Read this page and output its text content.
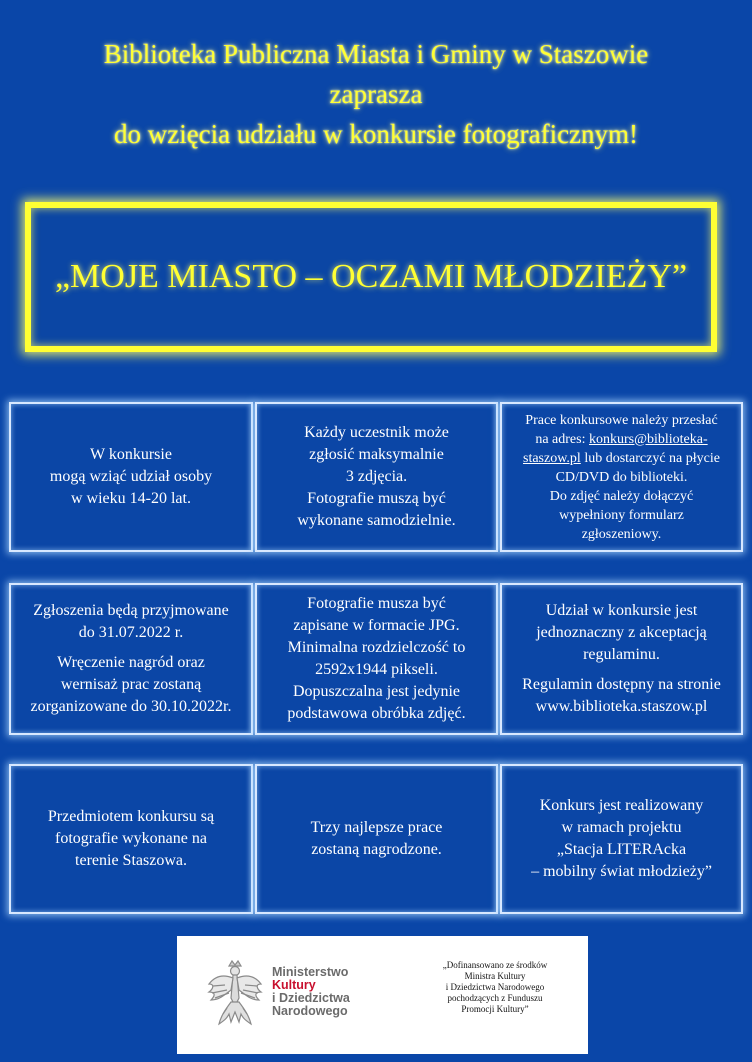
Biblioteka Publiczna Miasta i Gminy w Staszowie
zaprasza
do wzięcia udziału w konkursie fotograficznym!
„MOJE MIASTO – OCZAMI MŁODZIEŻY”
W konkursie
mogą wziąć udział osoby
w wieku 14-20 lat.
Każdy uczestnik może
zgłosić maksymalnie
3 zdjęcia.
Fotografie muszą być
wykonane samodzielnie.
Prace konkursowe należy przesłać
na adres: konkurs@biblioteka-
staszow.pl lub dostarczyć na płycie
CD/DVD do biblioteki.
Do zdjęć należy dołączyć
wypełniony formularz
zgłoszeniowy.
Zgłoszenia będą przyjmowane
do 31.07.2022 r.
Wręczenie nagród oraz
wernisaż prac zostaną
zorganizowane do 30.10.2022r.
Fotografie musza być
zapisane w formacie JPG.
Minimalna rozdzielczość to
2592x1944 pikseli.
Dopuszczalna jest jedynie
podstawowa obróbka zdjęć.
Udział w konkursie jest
jednoznaczny z akceptacją
regulaminu.
Regulamin dostępny na stronie
www.biblioteka.staszow.pl
Przedmiotem konkursu są
fotografie wykonane na
terenie Staszowa.
Trzy najlepsze prace
zostaną nagrodzone.
Konkurs jest realizowany
w ramach projektu
„Stacja LITERAcka
– mobilny świat młodzieży”
Ministerstwo
Kultury
i Dziedzictwa
Narodowego
„Dofinansowano ze środków
Ministra Kultury
i Dziedzictwa Narodowego
pochodzących z Funduszu
Promocji Kultury”
